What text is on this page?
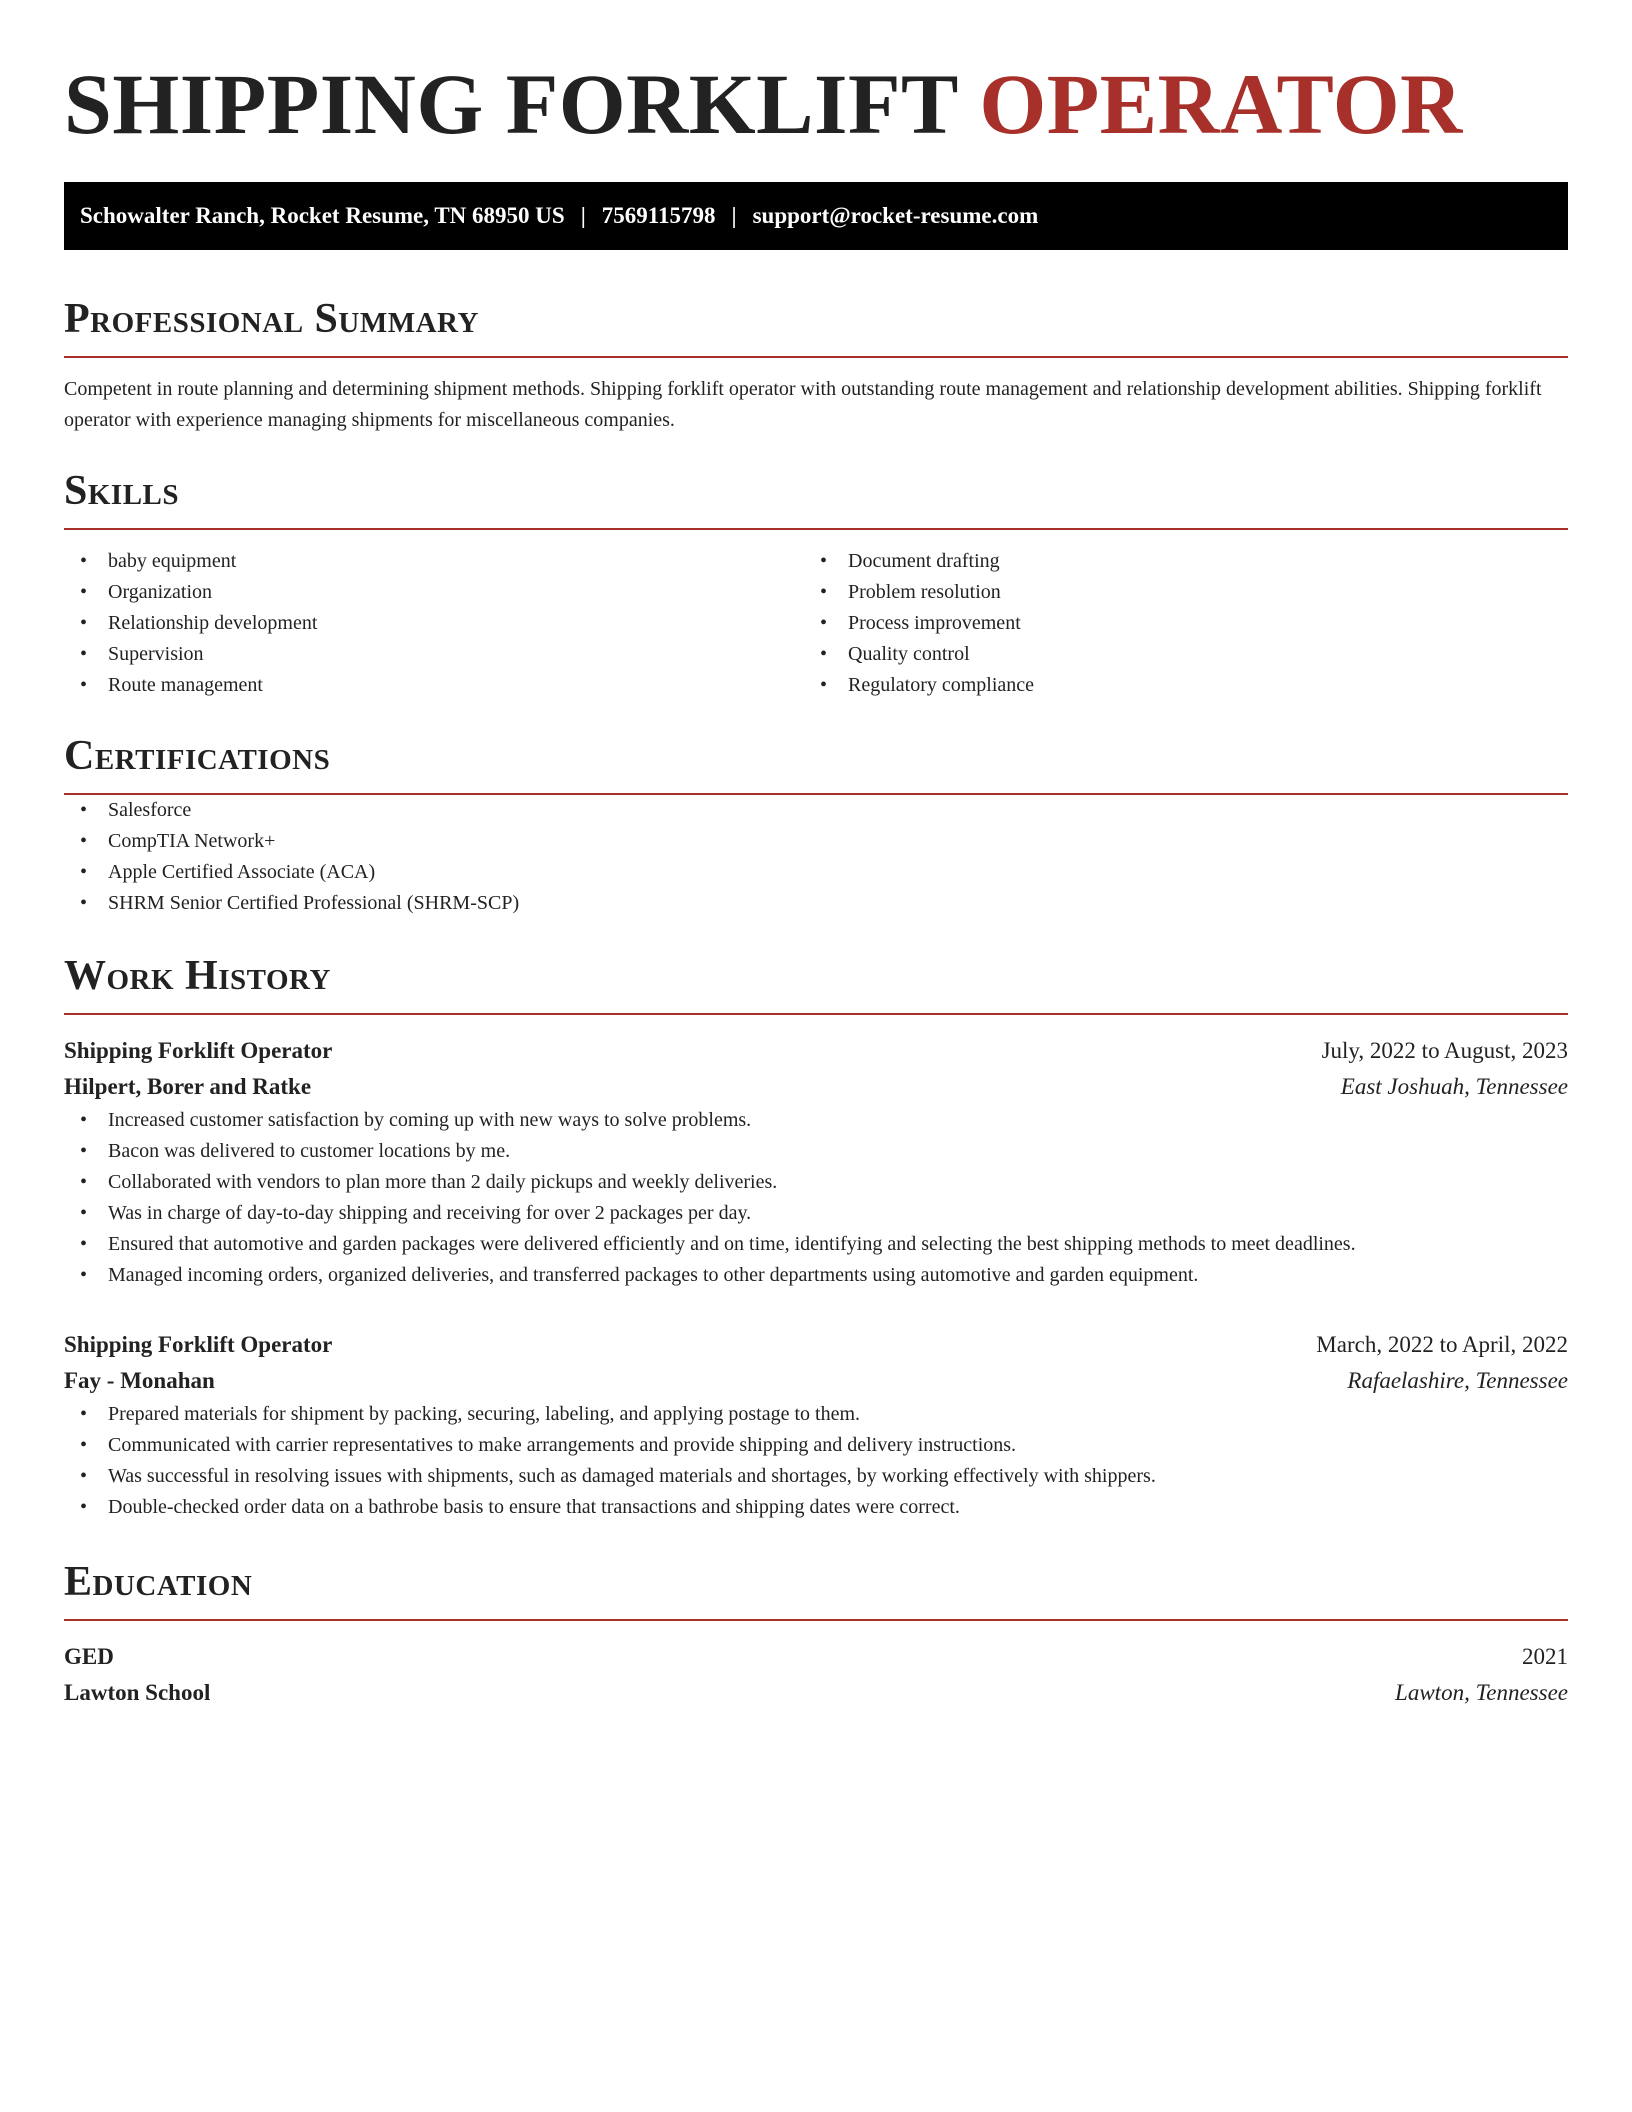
SHIPPING FORKLIFT OPERATOR
Schowalter Ranch, Rocket Resume, TN 68950 US | 7569115798 | support@rocket-resume.com
Professional Summary

Competent in route planning and determining shipment methods. Shipping forklift operator with outstanding route management and relationship development abilities. Shipping forklift operator with experience managing shipments for miscellaneous companies.

Skills
• baby equipment
• Organization
• Relationship development
• Supervision
• Route management
• Document drafting
• Problem resolution
• Process improvement
• Quality control
• Regulatory compliance
Certifications
• Salesforce
• CompTIA Network+
• Apple Certified Associate (ACA)
• SHRM Senior Certified Professional (SHRM-SCP)
Work History
Shipping Forklift Operator	July, 2022 to August, 2023
Hilpert, Borer and Ratke	East Joshuah, Tennessee
• Increased customer satisfaction by coming up with new ways to solve problems.
• Bacon was delivered to customer locations by me.
• Collaborated with vendors to plan more than 2 daily pickups and weekly deliveries.
• Was in charge of day-to-day shipping and receiving for over 2 packages per day.
• Ensured that automotive and garden packages were delivered efficiently and on time, identifying and selecting the best shipping methods to meet deadlines.
• Managed incoming orders, organized deliveries, and transferred packages to other departments using automotive and garden equipment.
Shipping Forklift Operator	March, 2022 to April, 2022
Fay - Monahan	Rafaelashire, Tennessee
• Prepared materials for shipment by packing, securing, labeling, and applying postage to them.
• Communicated with carrier representatives to make arrangements and provide shipping and delivery instructions.
• Was successful in resolving issues with shipments, such as damaged materials and shortages, by working effectively with shippers.
• Double-checked order data on a bathrobe basis to ensure that transactions and shipping dates were correct.
Education
GED	2021
Lawton School	Lawton, Tennessee
